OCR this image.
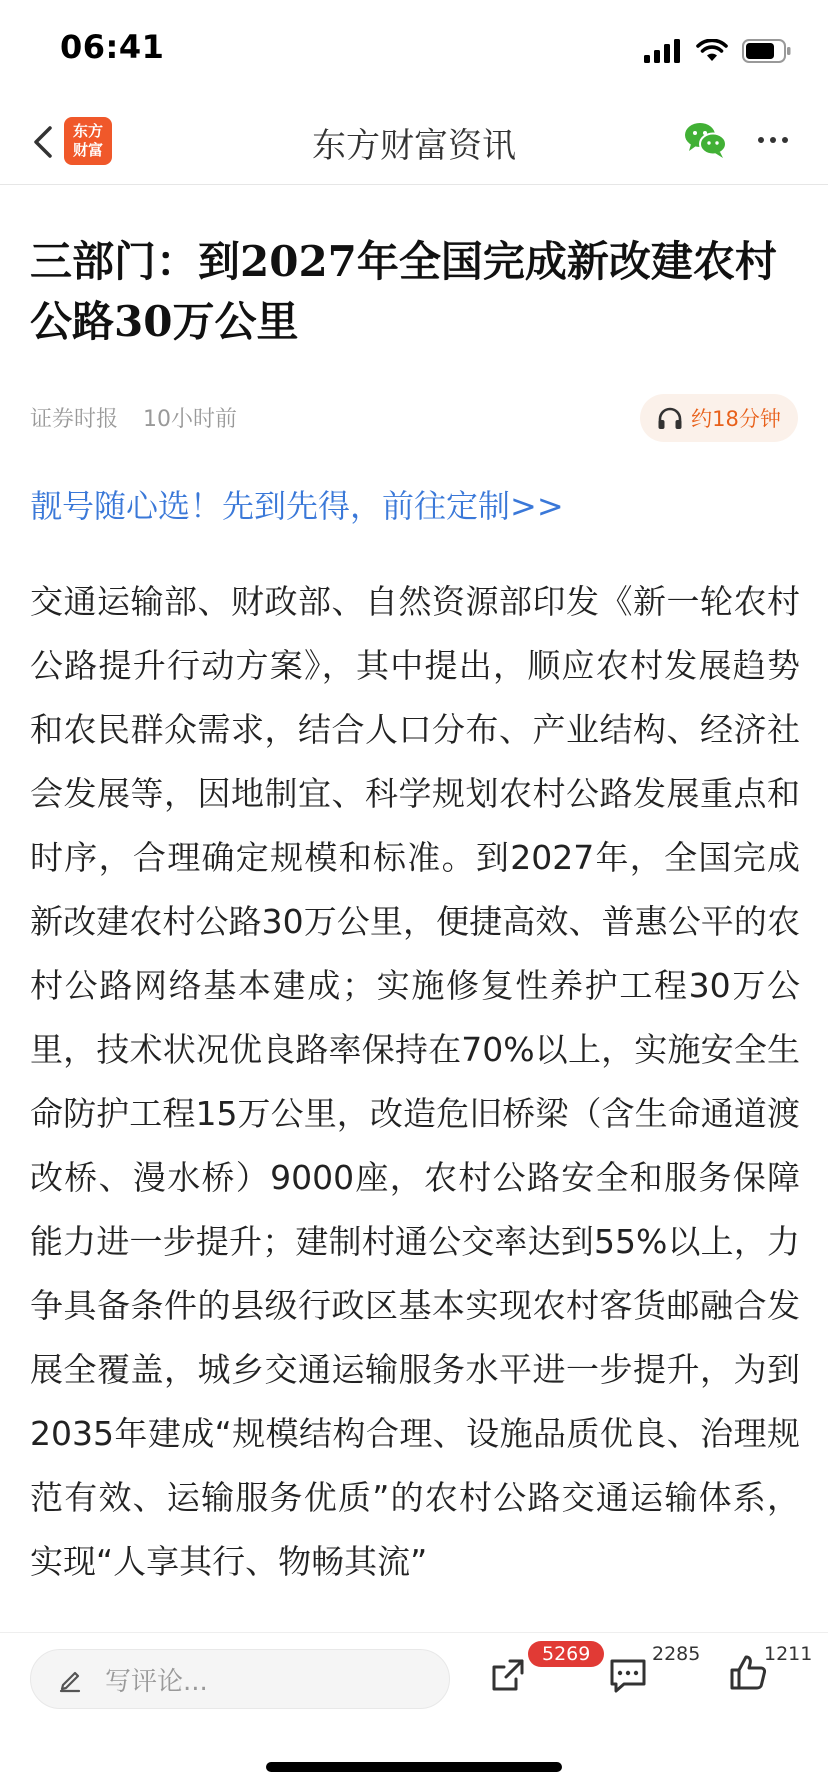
06:41
东方
财富	东方财富资讯
三部门：到2027年全国完成新改建农村公路30万公里
证券时报 10小时前	约18分钟
靓号随心选！先到先得，前往定制>>
交通运输部、财政部、自然资源部印发《新一轮农村公路提升行动方案》，其中提出，顺应农村发展趋势和农民群众需求，结合人口分布、产业结构、经济社会发展等，因地制宜、科学规划农村公路发展重点和时序，合理确定规模和标准。到2027年，全国完成新改建农村公路30万公里，便捷高效、普惠公平的农村公路网络基本建成；实施修复性养护工程30万公里，技术状况优良路率保持在70%以上，实施安全生命防护工程15万公里，改造危旧桥梁（含生命通道渡改桥、漫水桥）9000座，农村公路安全和服务保障能力进一步提升；建制村通公交率达到55%以上，力争具备条件的县级行政区基本实现农村客货邮融合发展全覆盖，城乡交通运输服务水平进一步提升，为到2035年建成“规模结构合理、设施品质优良、治理规范有效、运输服务优质”的农村公路交通运输体系，实现“人享其行、物畅其流”
写评论...
5269	2285	1211
